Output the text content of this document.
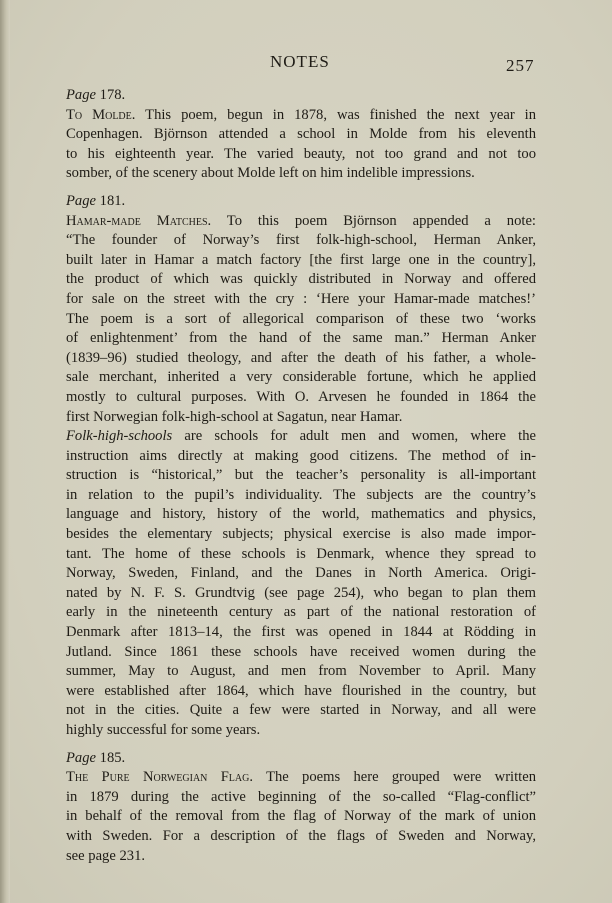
NOTES	257
Page 178.
To Molde. This poem, begun in 1878, was finished the next year in
Copenhagen. Björnson attended a school in Molde from his eleventh
to his eighteenth year. The varied beauty, not too grand and not too
somber, of the scenery about Molde left on him indelible impressions.
Page 181.
Hamar-made Matches. To this poem Björnson appended a note:
“The founder of Norway’s first folk-high-school, Herman Anker,
built later in Hamar a match factory [the first large one in the country],
the product of which was quickly distributed in Norway and offered
for sale on the street with the cry : ‘Here your Hamar-made matches!’
The poem is a sort of allegorical comparison of these two ‘works
of enlightenment’ from the hand of the same man.” Herman Anker
(1839–96) studied theology, and after the death of his father, a whole-
sale merchant, inherited a very considerable fortune, which he applied
mostly to cultural purposes. With O. Arvesen he founded in 1864 the
first Norwegian folk-high-school at Sagatun, near Hamar.
Folk-high-schools are schools for adult men and women, where the
instruction aims directly at making good citizens. The method of in-
struction is “historical,” but the teacher’s personality is all-important
in relation to the pupil’s individuality. The subjects are the country’s
language and history, history of the world, mathematics and physics,
besides the elementary subjects; physical exercise is also made impor-
tant. The home of these schools is Denmark, whence they spread to
Norway, Sweden, Finland, and the Danes in North America. Origi-
nated by N. F. S. Grundtvig (see page 254), who began to plan them
early in the nineteenth century as part of the national restoration of
Denmark after 1813–14, the first was opened in 1844 at Rödding in
Jutland. Since 1861 these schools have received women during the
summer, May to August, and men from November to April. Many
were established after 1864, which have flourished in the country, but
not in the cities. Quite a few were started in Norway, and all were
highly successful for some years.
Page 185.
The Pure Norwegian Flag. The poems here grouped were written
in 1879 during the active beginning of the so-called “Flag-conflict”
in behalf of the removal from the flag of Norway of the mark of union
with Sweden. For a description of the flags of Sweden and Norway,
see page 231.
